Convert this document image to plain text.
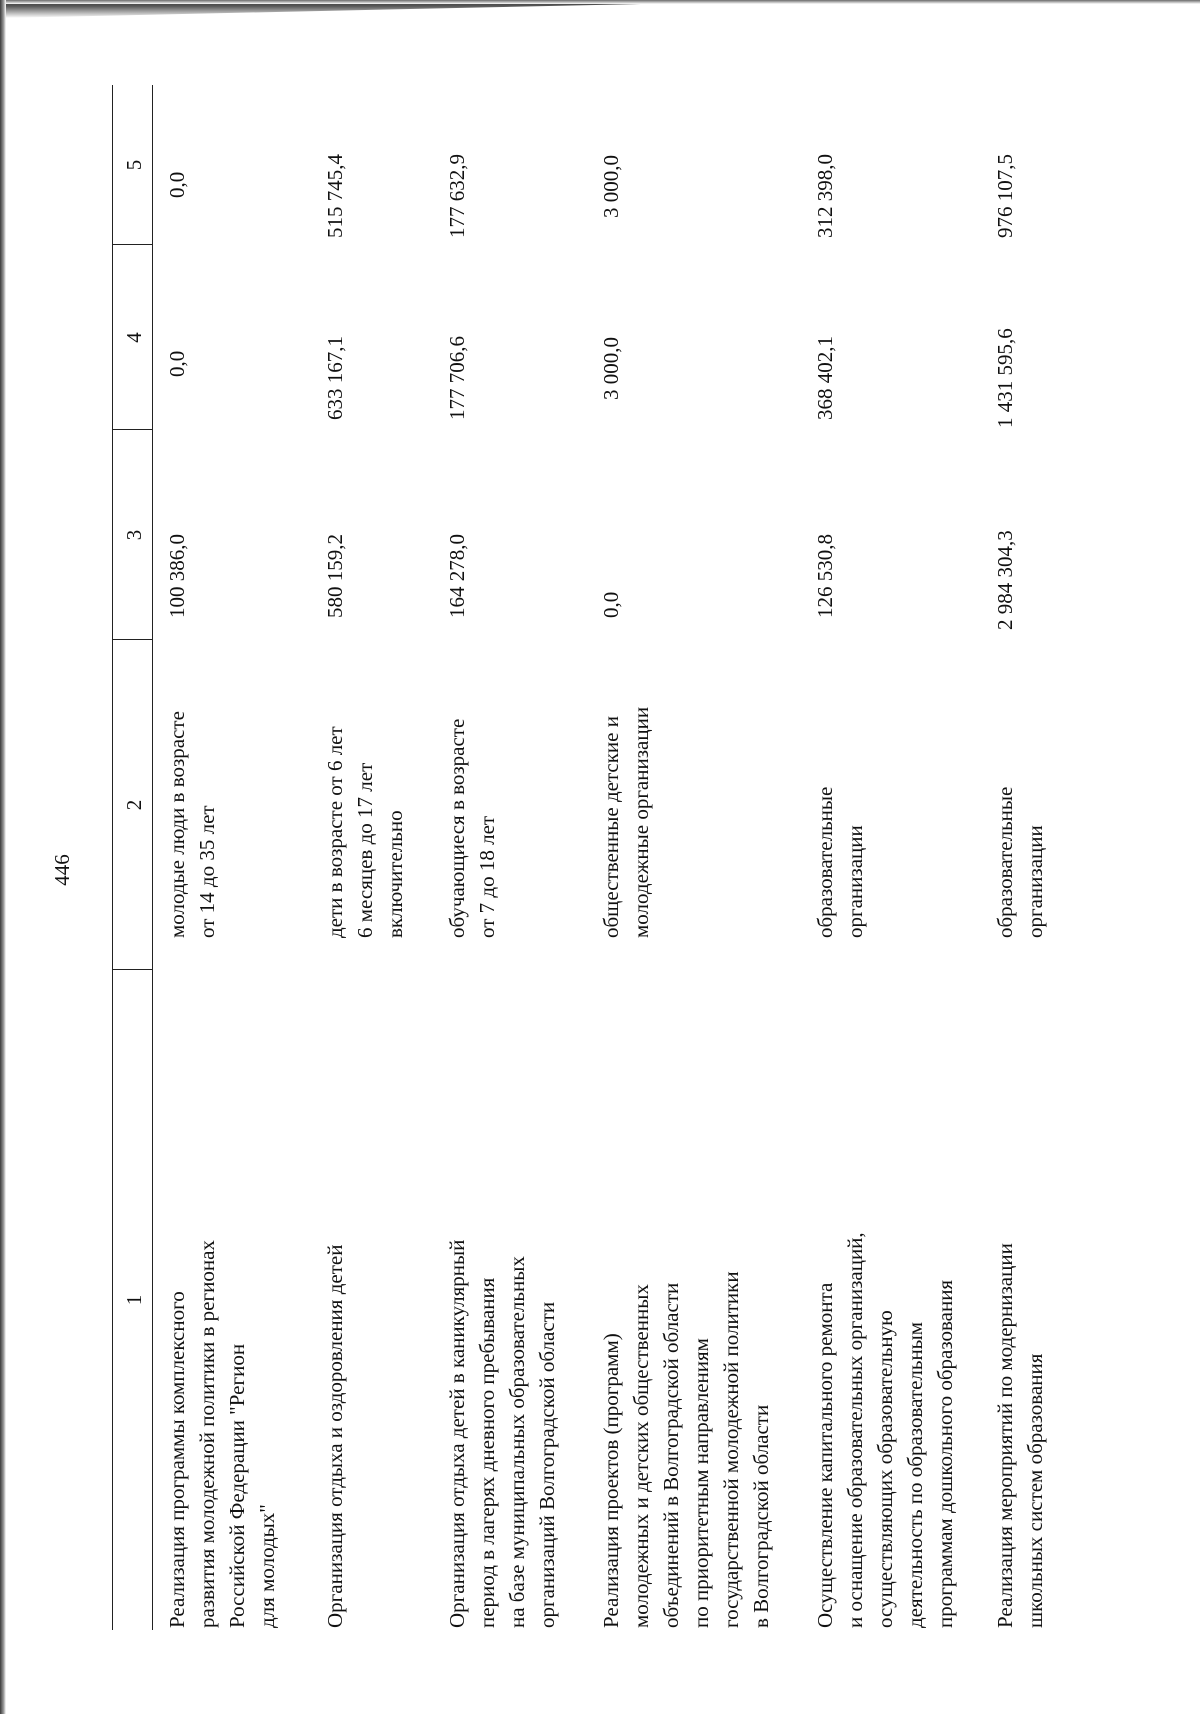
446
1
2
3
4
5
Реализация программы комплексного
развития молодежной политики в регионах
Российской Федерации "Регион
для молодых"
молодые люди в возрасте
от 14 до 35 лет
100 386,0
0,0
0,0
Организация отдыха и оздоровления детей
дети в возрасте от 6 лет
6 месяцев до 17 лет
включительно
580 159,2
633 167,1
515 745,4
Организация отдыха детей в каникулярный
период в лагерях дневного пребывания
на базе муниципальных образовательных
организаций Волгоградской области
обучающиеся в возрасте
от 7 до 18 лет
164 278,0
177 706,6
177 632,9
Реализация проектов (программ)
молодежных и детских общественных
объединений в Волгоградской области
по приоритетным направлениям
государственной молодежной политики
в Волгоградской области
общественные детские и
молодежные организации
0,0
3 000,0
3 000,0
Осуществление капитального ремонта
и оснащение образовательных организаций,
осуществляющих образовательную
деятельность по образовательным
программам дошкольного образования
образовательные
организации
126 530,8
368 402,1
312 398,0
Реализация мероприятий по модернизации
школьных систем образования
образовательные
организации
2 984 304,3
1 431 595,6
976 107,5
